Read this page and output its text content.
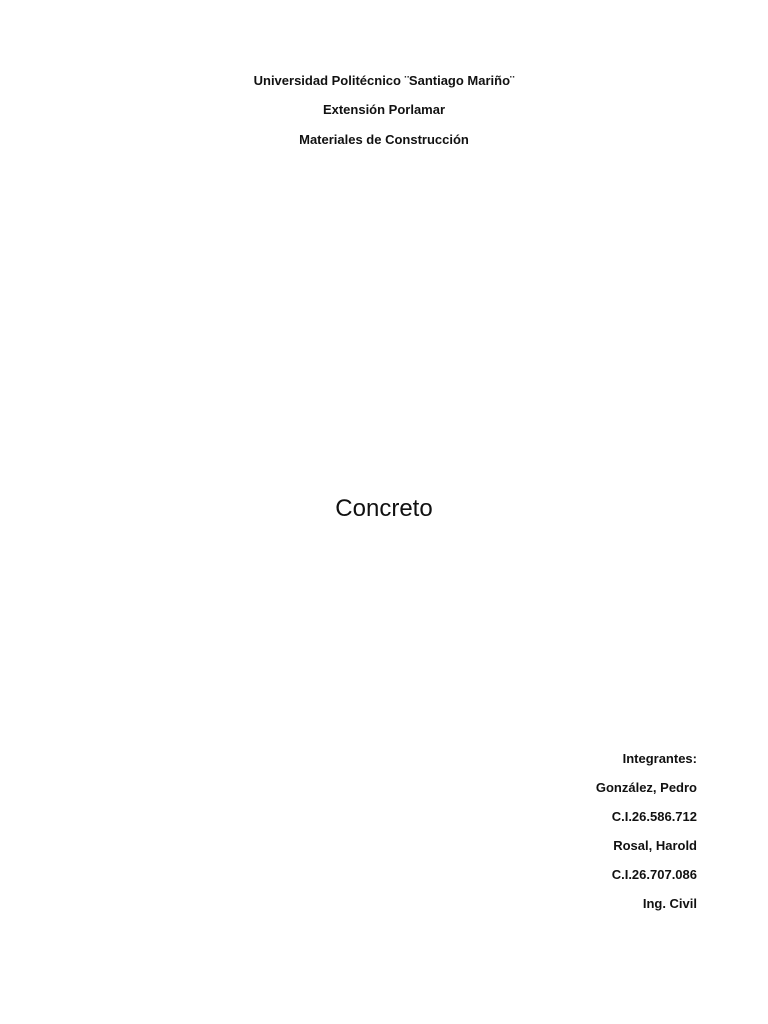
Universidad Politécnico ¨Santiago Mariño¨
Extensión Porlamar
Materiales de Construcción
Concreto
Integrantes:
González, Pedro
C.I.26.586.712
Rosal, Harold
C.I.26.707.086
Ing. Civil
